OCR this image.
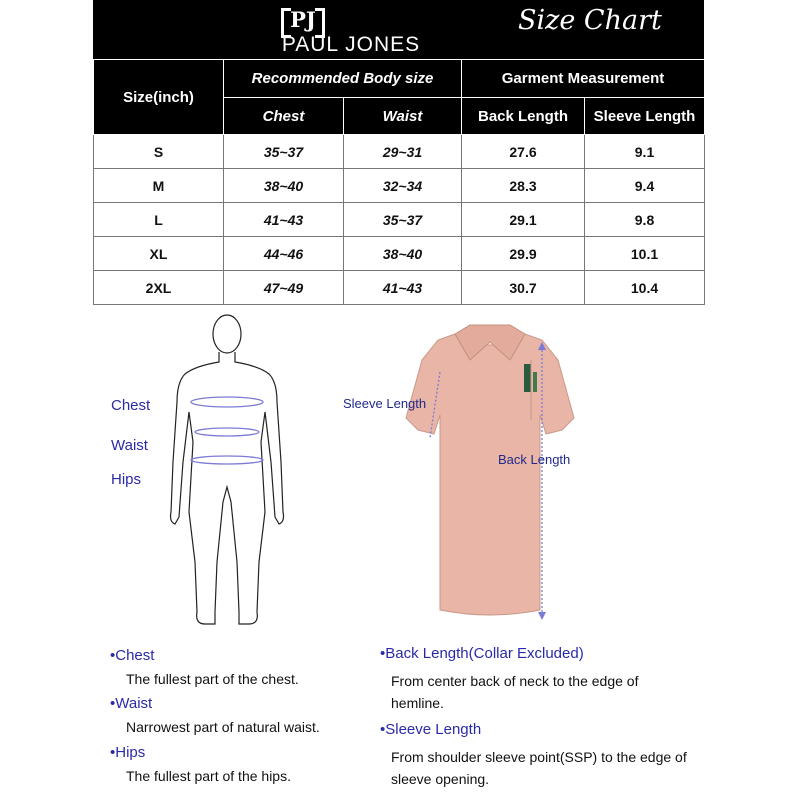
PJ
PAUL JONES
Size Chart
Size(inch)	Recommended Body size		Garment Measurement	
	Chest	Waist	Back Length	Sleeve Length
S	35~37	29~31	27.6	9.1
M	38~40	32~34	28.3	9.4
L	41~43	35~37	29.1	9.8
XL	44~46	38~40	29.9	10.1
2XL	47~49	41~43	30.7	10.4
Chest
Waist
Hips
Sleeve Length
Back Length
•Chest
The fullest part of the chest.
•Waist
Narrowest part of natural waist.
•Hips
The fullest part of the hips.
•Back Length(Collar Excluded)
From center back of neck to the edge of hemline.
•Sleeve Length
From shoulder sleeve point(SSP) to the edge of sleeve opening.
